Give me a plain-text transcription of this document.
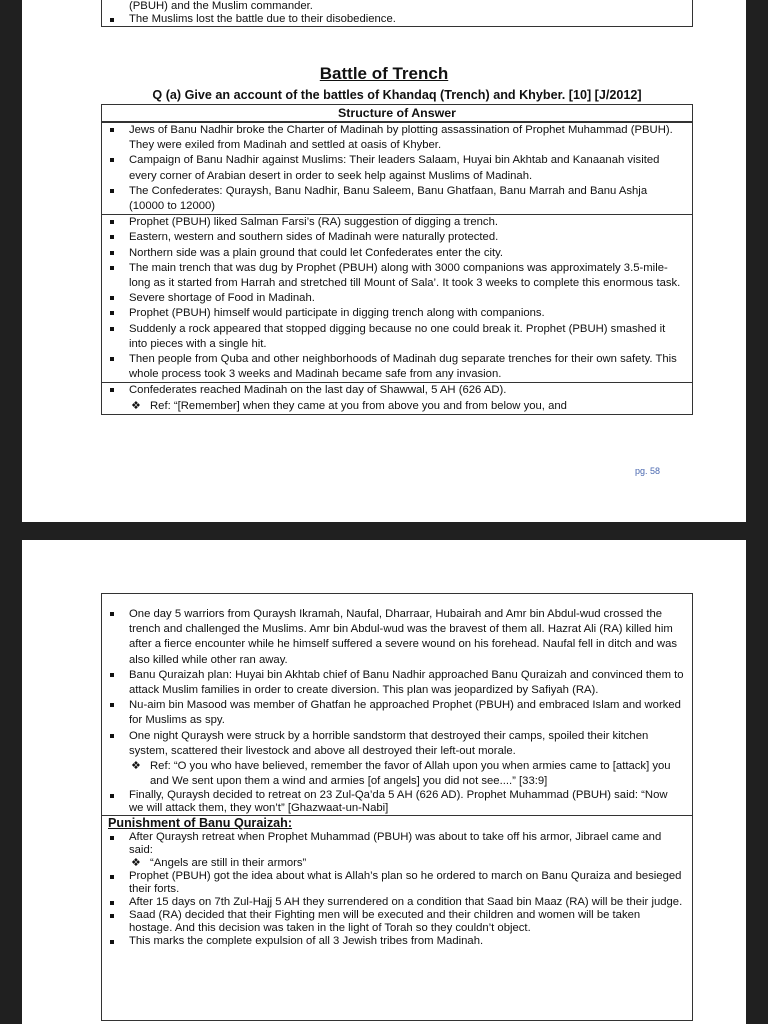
(PBUH) and the Muslim commander.
The Muslims lost the battle due to their disobedience.
Battle of Trench
Q (a) Give an account of the battles of Khandaq (Trench) and Khyber. [10] [J/2012]
Structure of Answer
Jews of Banu Nadhir broke the Charter of Madinah by plotting assassination of Prophet Muhammad (PBUH). They were exiled from Madinah and settled at oasis of Khyber.
Campaign of Banu Nadhir against Muslims: Their leaders Salaam, Huyai bin Akhtab and Kanaanah visited every corner of Arabian desert in order to seek help against Muslims of Madinah.
The Confederates: Quraysh, Banu Nadhir, Banu Saleem, Banu Ghatfaan, Banu Marrah and Banu Ashja (10000 to 12000)
Prophet (PBUH) liked Salman Farsi’s (RA) suggestion of digging a trench.
Eastern, western and southern sides of Madinah were naturally protected.
Northern side was a plain ground that could let Confederates enter the city.
The main trench that was dug by Prophet (PBUH) along with 3000 companions was approximately 3.5-mile-long as it started from Harrah and stretched till Mount of Sala’. It took 3 weeks to complete this enormous task.
Severe shortage of Food in Madinah.
Prophet (PBUH) himself would participate in digging trench along with companions.
Suddenly a rock appeared that stopped digging because no one could break it. Prophet (PBUH) smashed it into pieces with a single hit.
Then people from Quba and other neighborhoods of Madinah dug separate trenches for their own safety. This whole process took 3 weeks and Madinah became safe from any invasion.
Confederates reached Madinah on the last day of Shawwal, 5 AH (626 AD).
❖ Ref: “[Remember] when they came at you from above you and from below you, and
pg. 58
One day 5 warriors from Quraysh Ikramah, Naufal, Dharraar, Hubairah and Amr bin Abdul-wud crossed the trench and challenged the Muslims. Amr bin Abdul-wud was the bravest of them all. Hazrat Ali (RA) killed him after a fierce encounter while he himself suffered a severe wound on his forehead. Naufal fell in ditch and was also killed while other ran away.
Banu Quraizah plan: Huyai bin Akhtab chief of Banu Nadhir approached Banu Quraizah and convinced them to attack Muslim families in order to create diversion. This plan was jeopardized by Safiyah (RA).
Nu-aim bin Masood was member of Ghatfan he approached Prophet (PBUH) and embraced Islam and worked for Muslims as spy.
One night Quraysh were struck by a horrible sandstorm that destroyed their camps, spoiled their kitchen system, scattered their livestock and above all destroyed their left-out morale.
❖ Ref: “O you who have believed, remember the favor of Allah upon you when armies came to [attack] you and We sent upon them a wind and armies [of angels] you did not see....” [33:9]
Finally, Quraysh decided to retreat on 23 Zul-Qa’da 5 AH (626 AD). Prophet Muhammad (PBUH) said: “Now we will attack them, they won’t” [Ghazwaat-un-Nabi]
Punishment of Banu Quraizah:
After Quraysh retreat when Prophet Muhammad (PBUH) was about to take off his armor, Jibrael came and said:
❖ “Angels are still in their armors”
Prophet (PBUH) got the idea about what is Allah’s plan so he ordered to march on Banu Quraiza and besieged their forts.
After 15 days on 7th Zul-Hajj 5 AH they surrendered on a condition that Saad bin Maaz (RA) will be their judge.
Saad (RA) decided that their Fighting men will be executed and their children and women will be taken hostage. And this decision was taken in the light of Torah so they couldn’t object.
This marks the complete expulsion of all 3 Jewish tribes from Madinah.
